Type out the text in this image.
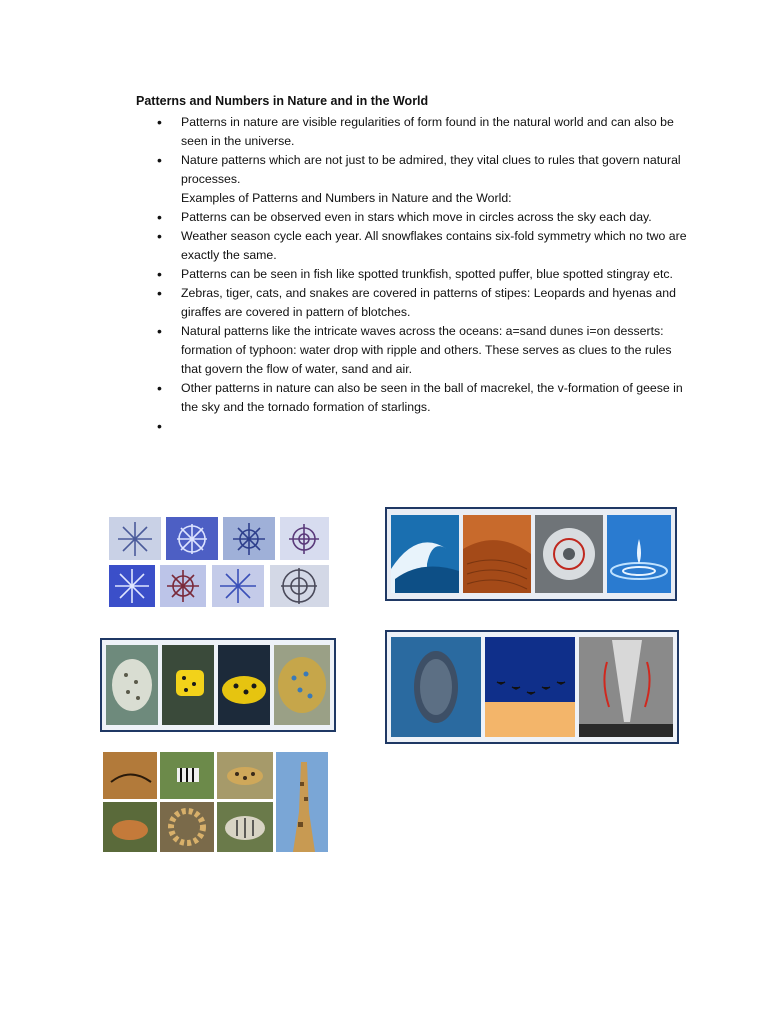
Patterns and Numbers in Nature and in the World
• Patterns in nature are visible regularities of form found in the natural world and can also be seen in the universe.
• Nature patterns which are not just to be admired, they vital clues to rules that govern natural processes.
Examples of Patterns and Numbers in Nature and the World:
• Patterns can be observed even in stars which move in circles across the sky each day.
• Weather season cycle each year. All snowflakes contains six-fold symmetry which no two are exactly the same.
• Patterns can be seen in fish like spotted trunkfish, spotted puffer, blue spotted stingray etc.
• Zebras, tiger, cats, and snakes are covered in patterns of stipes: Leopards and hyenas and giraffes are covered in pattern of blotches.
• Natural patterns like the intricate waves across the oceans: a=sand dunes i=on desserts: formation of typhoon: water drop with ripple and others. These serves as clues to the rules that govern the flow of water, sand and air.
• Other patterns in nature can also be seen in the ball of macrekel, the v-formation of geese in the sky and the tornado formation of starlings.
•
